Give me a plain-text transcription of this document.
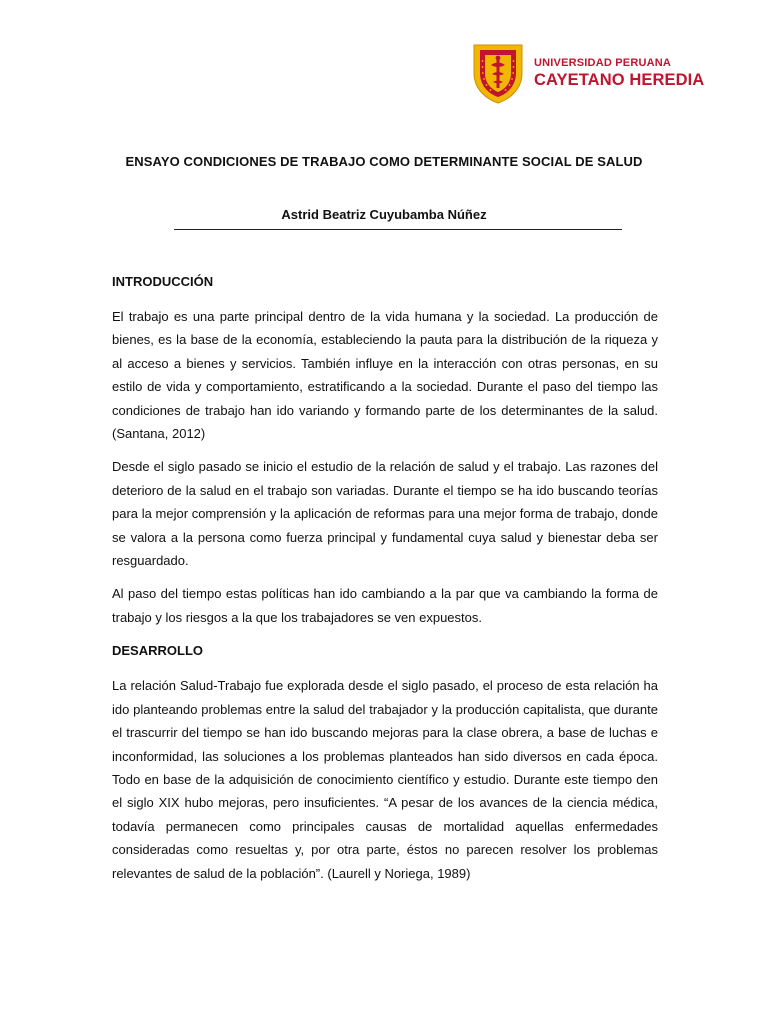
UNIVERSIDAD PERUANA
CAYETANO HEREDIA
ENSAYO CONDICIONES DE TRABAJO COMO DETERMINANTE SOCIAL DE SALUD
Astrid Beatriz Cuyubamba Núñez
INTRODUCCIÓN

El trabajo es una parte principal dentro de la vida humana y la sociedad. La producción de bienes, es la base de la economía, estableciendo la pauta para la distribución de la riqueza y al acceso a bienes y servicios. También influye en la interacción con otras personas, en su estilo de vida y comportamiento, estratificando a la sociedad. Durante el paso del tiempo las condiciones de trabajo han ido variando y formando parte de los determinantes de la salud. (Santana, 2012)

Desde el siglo pasado se inicio el estudio de la relación de salud y el trabajo. Las razones del deterioro de la salud en el trabajo son variadas. Durante el tiempo se ha ido buscando teorías para la mejor comprensión y la aplicación de reformas para una mejor forma de trabajo, donde se valora a la persona como fuerza principal y fundamental cuya salud y bienestar deba ser resguardado.

Al paso del tiempo estas políticas han ido cambiando a la par que va cambiando la forma de trabajo y los riesgos a la que los trabajadores se ven expuestos.

DESARROLLO

La relación Salud-Trabajo fue explorada desde el siglo pasado, el proceso de esta relación ha ido planteando problemas entre la salud del trabajador y la producción capitalista, que durante el trascurrir del tiempo se han ido buscando mejoras para la clase obrera, a base de luchas e inconformidad, las soluciones a los problemas planteados han sido diversos en cada época. Todo en base de la adquisición de conocimiento científico y estudio. Durante este tiempo den el siglo XIX hubo mejoras, pero insuficientes. “A pesar de los avances de la ciencia médica, todavía permanecen como principales causas de mortalidad aquellas enfermedades consideradas como resueltas y, por otra parte, éstos no parecen resolver los problemas relevantes de salud de la población”. (Laurell y Noriega, 1989)
